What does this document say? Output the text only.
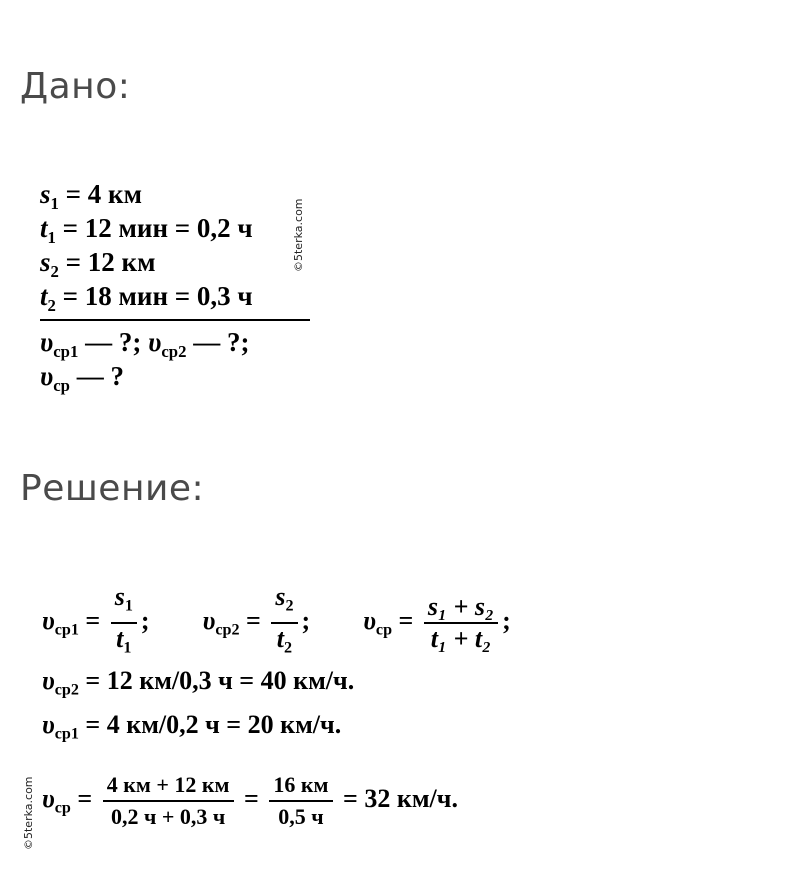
Дано:
$s_1 = 4$ км
$t_1 = 12$ мин = 0,2 ч
$s_2 = 12$ км
$t_2 = 18$ мин = 0,3 ч
$\upsilon_{ср1}$ — ?; $\upsilon_{ср2}$ — ?;
$\upsilon_{ср}$ — ?
©5terka.com
Решение:
$\upsilon_{ср1} = \frac{s_1}{t_1}$ ; $\upsilon_{ср2} = \frac{s_2}{t_2}$ ; $\upsilon_{ср} = \frac{\text{s₁ + s₂}}{\text{t₁ + t₂}}$ ;
$\upsilon_{ср2} = 12$ км/0,3 ч = 40 км/ч.
$\upsilon_{ср1} = 4$ км/0,2 ч = 20 км/ч.
$\upsilon_{ср} = \frac{4 км + 12 км}{0,2 ч + 0,3 ч} = \frac{16 км}{0,5 ч} = 32$ км/ч.
©5terka.com
